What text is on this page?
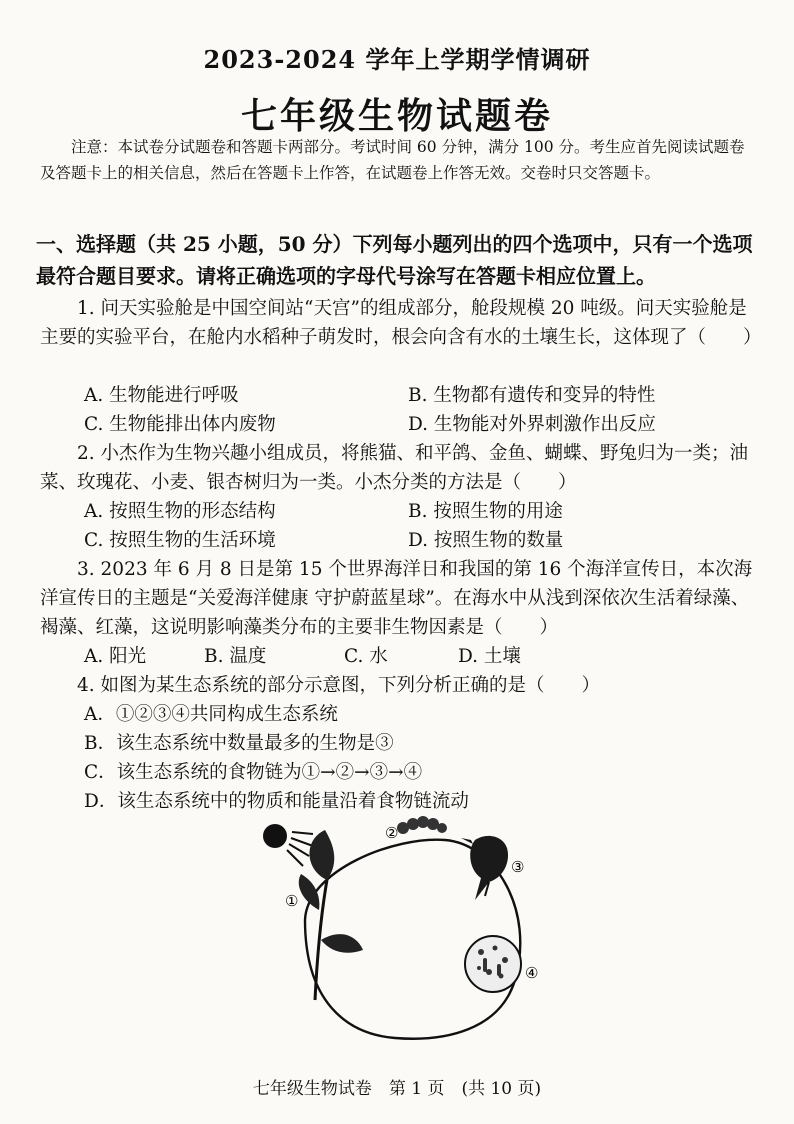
2023-2024 学年上学期学情调研
七年级生物试题卷
注意：本试卷分试题卷和答题卡两部分。考试时间 60 分钟，满分 100 分。考生应首先阅读试题卷及答题卡上的相关信息，然后在答题卡上作答，在试题卷上作答无效。交卷时只交答题卡。
一、选择题（共 25 小题，50 分）下列每小题列出的四个选项中，只有一个选项最符合题目要求。请将正确选项的字母代号涂写在答题卡相应位置上。
1. 问天实验舱是中国空间站“天宫”的组成部分，舱段规模 20 吨级。问天实验舱是主要的实验平台，在舱内水稻种子萌发时，根会向含有水的土壤生长，这体现了（　　）
A. 生物能进行呼吸	B. 生物都有遗传和变异的特性
C. 生物能排出体内废物	D. 生物能对外界刺激作出反应
2. 小杰作为生物兴趣小组成员，将熊猫、和平鸽、金鱼、蝴蝶、野兔归为一类；油菜、玫瑰花、小麦、银杏树归为一类。小杰分类的方法是（　　）
A. 按照生物的形态结构	B. 按照生物的用途
C. 按照生物的生活环境	D. 按照生物的数量
3. 2023 年 6 月 8 日是第 15 个世界海洋日和我国的第 16 个海洋宣传日，本次海洋宣传日的主题是“关爱海洋健康 守护蔚蓝星球”。在海水中从浅到深依次生活着绿藻、褐藻、红藻，这说明影响藻类分布的主要非生物因素是（　　）
A. 阳光	B. 温度	C. 水	D. 土壤
4. 如图为某生态系统的部分示意图，下列分析正确的是（　　）
A．①②③④共同构成生态系统
B．该生态系统中数量最多的生物是③
C．该生态系统的食物链为①→②→③→④
D．该生态系统中的物质和能量沿着食物链流动
①
②
③
④
七年级生物试卷　第 1 页　(共 10 页)
